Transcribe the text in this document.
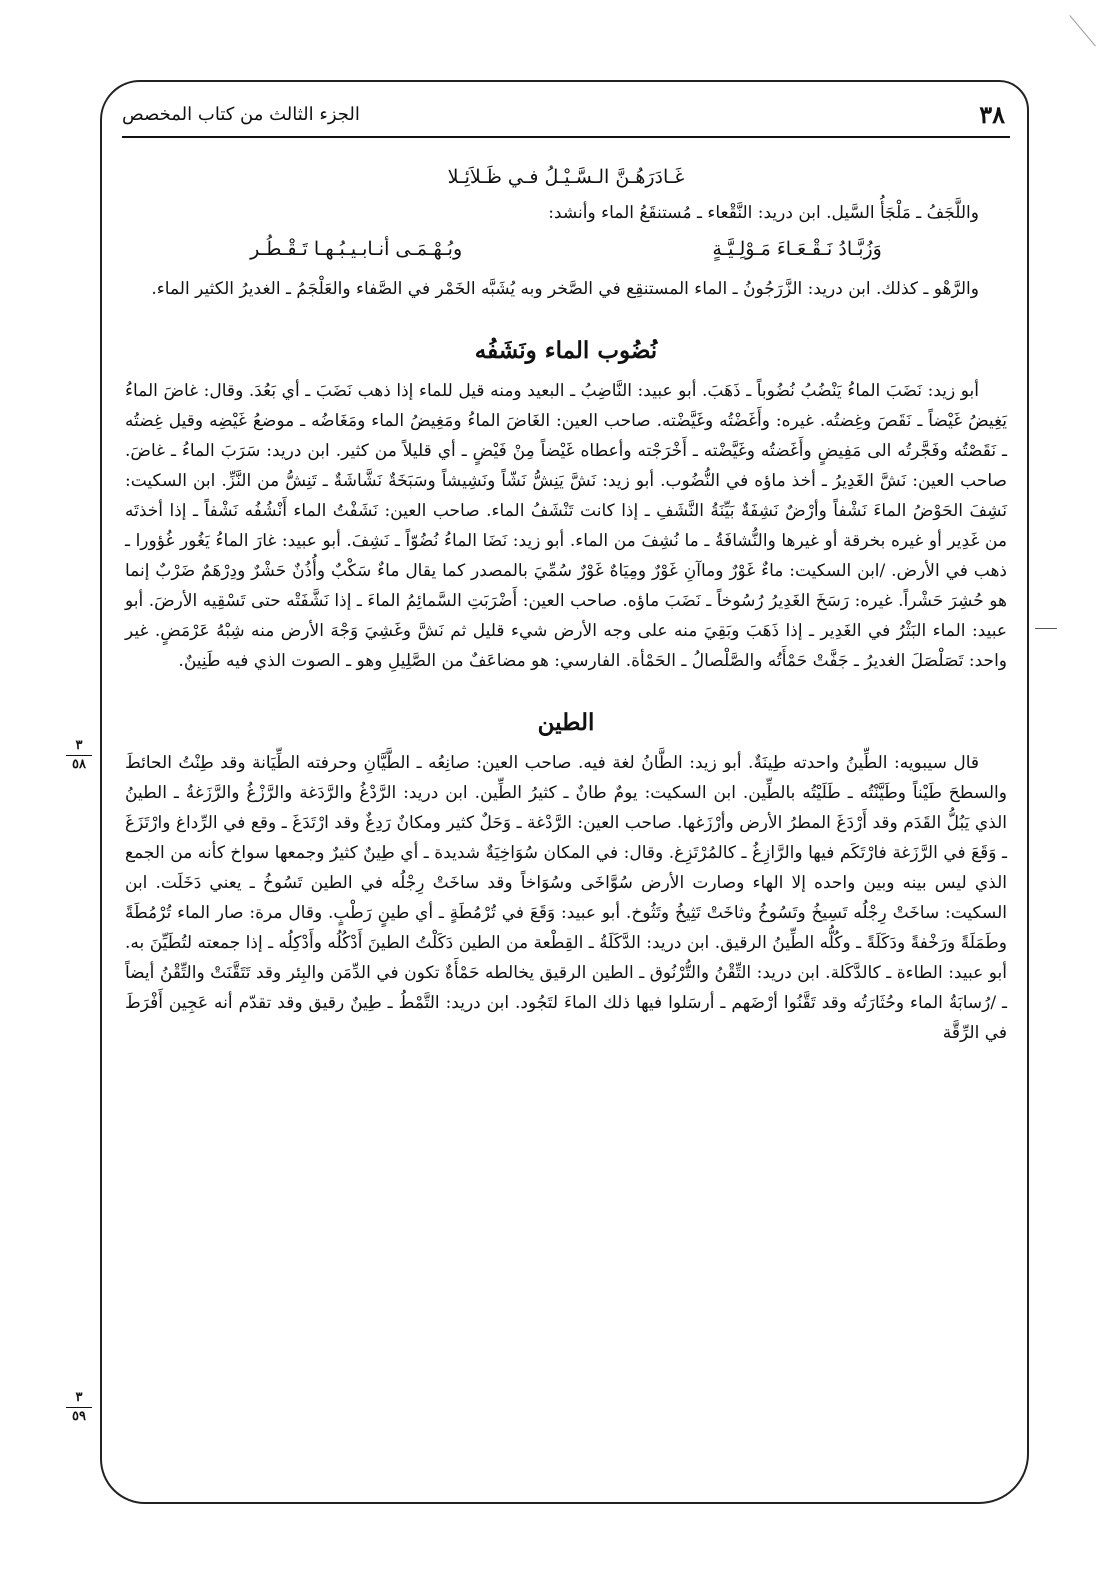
٣٨
الجزء الثالث من كتاب المخصص
غَـادَرَهُـنَّ الـسَّـيْـلُ فـي ظَـلاَئِـلا

واللَّجَفُ ـ مَلْجَأُ السَّيل. ابن دريد: النَّقْعاء ـ مُستنقَعُ الماء وأنشد:

وَزُبَّـادُ نَـقْـعَـاءَ مَـوْلِـيَّـةٍ
وبُـهْـمَـى أنـابـيـبُـهـا تَـقْـطُـر

والرَّهْو ـ كذلك. ابن دريد: الزَّرَجُونُ ـ الماء المستنقِع في الصَّخر وبه يُشَبَّه الخَمْر في الصَّفاء والعَلْجَمُ ـ الغديرُ الكثير الماء.

نُضُوب الماء ونَشَفُه

أبو زيد: نَضَبَ الماءُ يَنْضُبُ نُضُوباً ـ ذَهَبَ. أبو عبيد: النَّاضِبُ ـ البعيد ومنه قيل للماء إذا ذهب نَضَبَ ـ أي بَعُدَ. وقال: غاضَ الماءُ يَغِيضُ غَيْضاً ـ نَقَصَ وغِضتُه. غيره: وأَغَضْتُه وغَيَّضْته. صاحب العين: الغَاضَ الماءُ ومَغِيضُ الماء ومَغَاضُه ـ موضعُ غَيْضِه وقيل غِضتُه ـ نَقَصْتُه وفَجَّرتُه الى مَفِيضٍ وأَغَضتُه وغَيَّضْته ـ أَخْرَجْته وأعطاه غَيْضاً مِنْ فَيْضٍ ـ أي قليلاً من كثير. ابن دريد: سَرَبَ الماءُ ـ غاضَ. صاحب العين: نَشَّ الغَدِيرُ ـ أخذ ماؤه في النُّضُوب. أبو زيد: نَشَّ يَنِشُّ نَشّاً ونَشِيشاً وسَبَخَةٌ نَشَّاشَةٌ ـ تَنِشُّ من النَّزِّ. ابن السكيت: نَشِفَ الحَوْضُ الماءَ نَشْفاً وأرْضٌ نَشِفَةٌ بَيِّنَةُ النَّشَفِ ـ إذا كانت تَنْشَفُ الماء. صاحب العين: نَشَفْتُ الماء أَنْشُفُه نَشْفاً ـ إذا أخذتَه من غَدِير أو غيره بخرقة أو غيرها والنُّشافَةُ ـ ما نُشِفَ من الماء. أبو زيد: نَضَا الماءُ نُضُوّاً ـ نَشِفَ. أبو عبيد: غارَ الماءُ يَغُور غُؤورا ـ ذهب في الأرض. /ابن السكيت: ماءٌ غَوْرٌ وماآنِ غَوْرٌ ومِيَاهٌ غَوْرٌ سُمِّيَ بالمصدر كما يقال ماءٌ سَكْبٌ وأُذُنٌ حَشْرٌ ودِرْهَمٌ ضَرْبٌ إنما هو حُشِرَ حَشْراً. غيره: رَسَخَ الغَدِيرُ رُسُوخاً ـ نَضَبَ ماؤه. صاحب العين: أَضْرَبَتِ السَّمائِمُ الماءَ ـ إذا نَشَّفَتْه حتى تَسْقِيه الأرضَ. أبو عبيد: الماء البَثْرُ في الغَدِير ـ إذا ذَهَبَ وبَقِيَ منه على وجه الأرض شيء قليل ثم نَشَّ وغَشِيَ وَجْهَ الأرض منه شِبْهُ عَرْمَضٍ. غير واحد: تَصَلْصَلَ الغديرُ ـ جَفَّتْ حَمْأَتُه والصَّلْصالُ ـ الحَمْأة. الفارسي: هو مضاعَفٌ من الصَّلِيلِ وهو ـ الصوت الذي فيه طَنِينٌ.

الطين

قال سيبويه: الطِّينُ واحدته طِينَةٌ. أبو زيد: الطَّانُ لغة فيه. صاحب العين: صانِعُه ـ الطَّيَّانِ وحرفته الطِّيَانة وقد طِنْتُ الحائطَ والسطحَ طَيْناً وطَيَّنْتُه ـ طَلَيْتُه بالطِّين. ابن السكيت: يومٌ طانٌ ـ كثيرُ الطِّين. ابن دريد: الرَّدْغُ والرَّدَغة والرَّزْغُ والرَّزَغةُ ـ الطينُ الذي يَبُلُّ القَدَم وقد أَرْدَغَ المطرُ الأرض وأرْزَغها. صاحب العين: الرَّدْغة ـ وَحَلٌ كثير ومكانٌ رَدِغٌ وقد ارْتَدَغَ ـ وقع في الرِّداغ وارْتَزَغَ ـ وَقَعَ في الرَّزَغة فارْتَكَم فيها والرَّازِغُ ـ كالمُرْتَزِغ. وقال: في المكان سُوَاخِيَةٌ شديدة ـ أي طِينٌ كثيرٌ وجمعها سواخ كأنه من الجمع الذي ليس بينه وبين واحده إلا الهاء وصارت الأرض سُوَّاخَى وسُوَاخاً وقد ساخَتْ رِجْلُه في الطين تَسُوخُ ـ يعني دَخَلَت. ابن السكيت: ساخَتْ رِجْلُه تَسِيخُ وتَسُوخُ وثاخَتْ تَثِيخُ وتَثُوخ. أبو عبيد: وَقَعَ في تُرْمُطَةٍ ـ أي طينٍ رَطْبٍ. وقال مرة: صار الماء تُرْمُطَةً وطَمَلَةً ورَخْفةً ودَكَلَةً ـ وكُلُّه الطِّينُ الرقيق. ابن دريد: الدَّكَلَةُ ـ القِطْعة من الطين دَكَلْتُ الطينَ أَدْكُلُه وأَدْكِلُه ـ إذا جمعته لتُطَيِّنَ به. أبو عبيد: الطاءة ـ كالدَّكَلة. ابن دريد: التِّقْنُ والتُّرْنُوق ـ الطين الرقيق يخالطه حَمْأَةٌ تكون في الدِّمَن والبِئر وقد تَتَقَّنَتْ والتِّقْنُ أيضاً ـ /رُسابَةُ الماء وحُثَارَتُه وقد تَقَّنُوا أرْضَهم ـ أرسَلوا فيها ذلك الماءَ لتَجُود. ابن دريد: التَّمْطُ ـ طِينٌ رقيق وقد تقدّم أنه عَجِين أَفْرَطَ في الرِّقَّة

٣
٥٨
٣
٥٩
